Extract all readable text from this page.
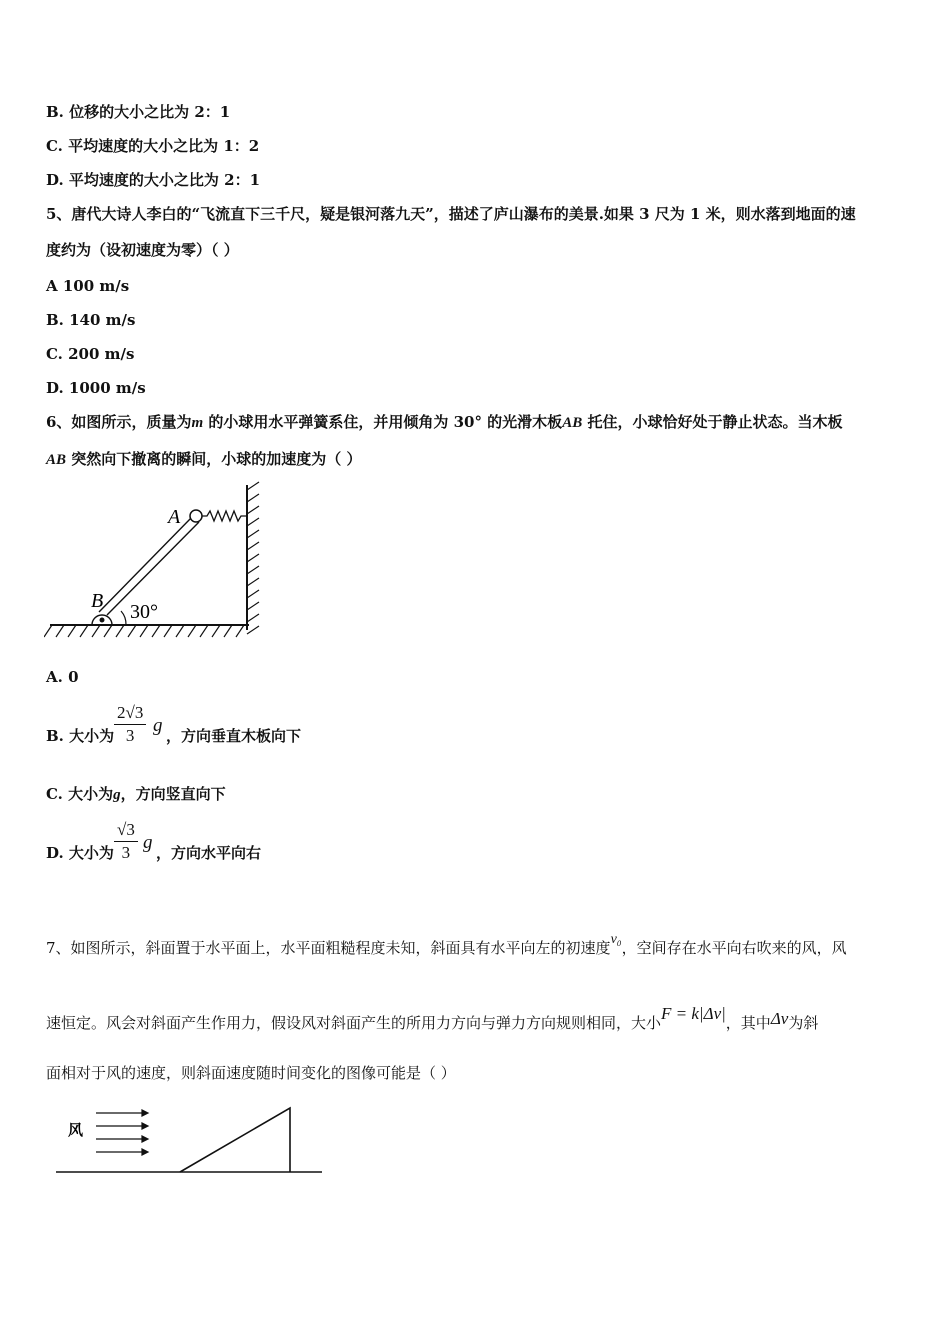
B. 位移的大小之比为 2：1
C. 平均速度的大小之比为 1：2
D. 平均速度的大小之比为 2：1
5、唐代大诗人李白的“飞流直下三千尺，疑是银河落九天”，描述了庐山瀑布的美景.如果 3 尺为 1 米，则水落到地面的速
度约为（设初速度为零）（ ）
A 100 m/s
B. 140 m/s
C. 200 m/s
D. 1000 m/s
6、如图所示，质量为m 的小球用水平弹簧系住，并用倾角为 30° 的光滑木板AB 托住，小球恰好处于静止状态。当木板
AB 突然向下撤离的瞬间，小球的加速度为（ ）
A
B 30°
A. 0
B. 大小为 $\frac{2√3}{3}$ g ，方向垂直木板向下
C. 大小为g，方向竖直向下
D. 大小为 $\frac{√3}{3}$ g ，方向水平向右
7、如图所示，斜面置于水平面上，水平面粗糙程度未知，斜面具有水平向左的初速度v₀，空间存在水平向右吹来的风，风
速恒定。风会对斜面产生作用力，假设风对斜面产生的所用力方向与弹力方向规则相同，大小F = k|Δv|，其中Δv为斜
面相对于风的速度，则斜面速度随时间变化的图像可能是（ ）
风
